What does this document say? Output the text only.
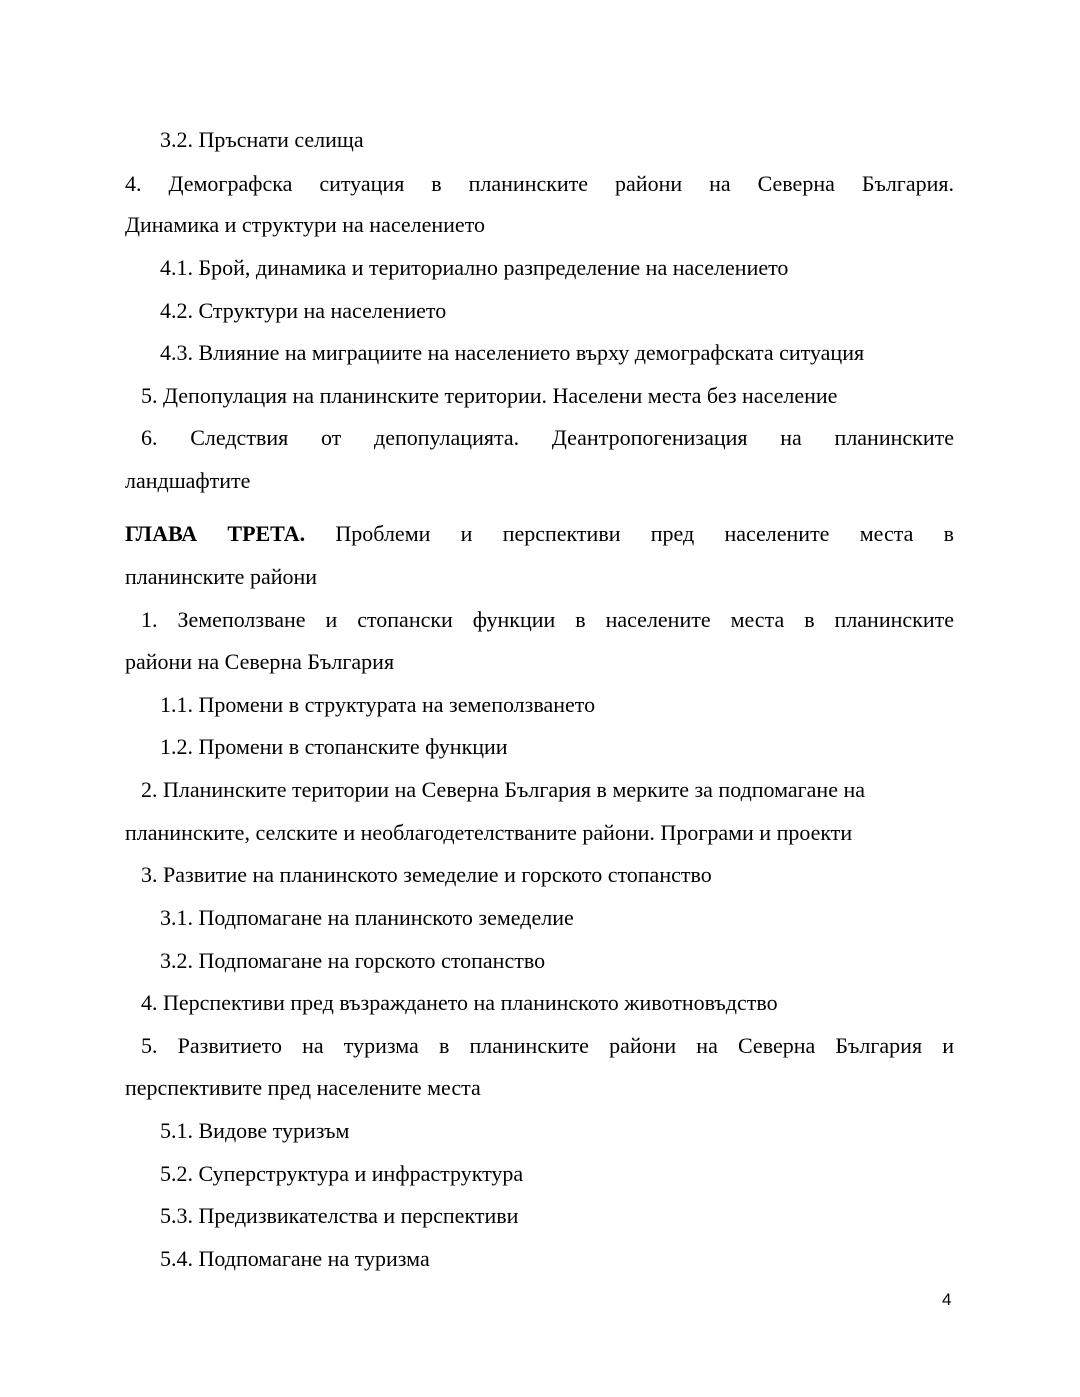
3.2. Пръснати селища
4. Демографска ситуация в планинските райони на Северна България.
Динамика и структури на населението
4.1. Брой, динамика и териториално разпределение на населението
4.2. Структури на населението
4.3. Влияние на миграциите на населението върху демографската ситуация
5. Депопулация на планинските територии. Населени места без население
6. Следствия от депопулацията. Деантропогенизация на планинските
ландшафтите
ГЛАВА ТРЕТА. Проблеми и перспективи пред населените места в
планинските райони
1. Земеползване и стопански функции в населените места в планинските
райони на Северна България
1.1. Промени в структурата на земеползването
1.2. Промени в стопанските функции
2. Планинските територии на Северна България в мерките за подпомагане на
планинските, селските и необлагодетелстваните райони. Програми и проекти
3. Развитие на планинското земеделие и горското стопанство
3.1. Подпомагане на планинското земеделие
3.2. Подпомагане на горското стопанство
4. Перспективи пред възраждането на планинското животновъдство
5. Развитието на туризма в планинските райони на Северна България и
перспективите пред населените места
5.1. Видове туризъм
5.2. Суперструктура и инфраструктура
5.3. Предизвикателства и перспективи
5.4. Подпомагане на туризма
4
